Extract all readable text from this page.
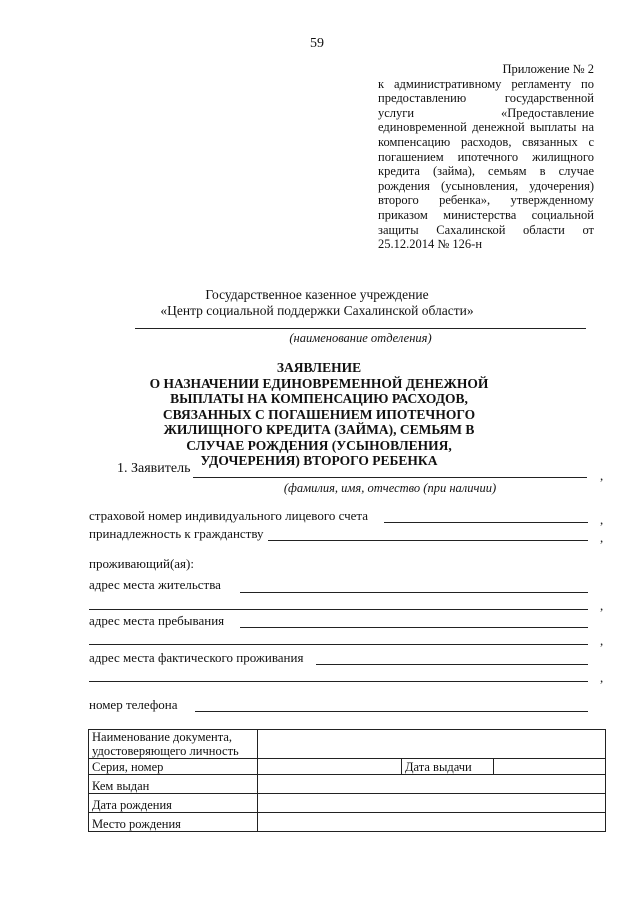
59
Приложение № 2
к административному регламенту по предоставлению государственной услуги «Предоставление единовременной денежной выплаты на компенсацию расходов, связанных с погашением ипотечного жилищного кредита (займа), семьям в случае рождения (усыновления, удочерения) второго ребенка», утвержденному приказом министерства социальной защиты Сахалинской области от 25.12.2014 № 126-н
Государственное казенное учреждение
«Центр социальной поддержки Сахалинской области»
(наименование отделения)
ЗАЯВЛЕНИЕ
О НАЗНАЧЕНИИ ЕДИНОВРЕМЕННОЙ ДЕНЕЖНОЙ ВЫПЛАТЫ НА КОМПЕНСАЦИЮ РАСХОДОВ, СВЯЗАННЫХ С ПОГАШЕНИЕМ ИПОТЕЧНОГО ЖИЛИЩНОГО КРЕДИТА (ЗАЙМА), СЕМЬЯМ В СЛУЧАЕ РОЖДЕНИЯ (УСЫНОВЛЕНИЯ, УДОЧЕРЕНИЯ) ВТОРОГО РЕБЕНКА
1. Заявитель	,
(фамилия, имя, отчество (при наличии)
страховой номер индивидуального лицевого счета	,
принадлежность к гражданству	,
проживающий(ая):
адрес места жительства
,
адрес места пребывания
,
адрес места фактического проживания
,
номер телефона
Наименование документа, удостоверяющего личность			
Серия, номер		Дата выдачи	
Кем выдан			
Дата рождения			
Место рождения			
